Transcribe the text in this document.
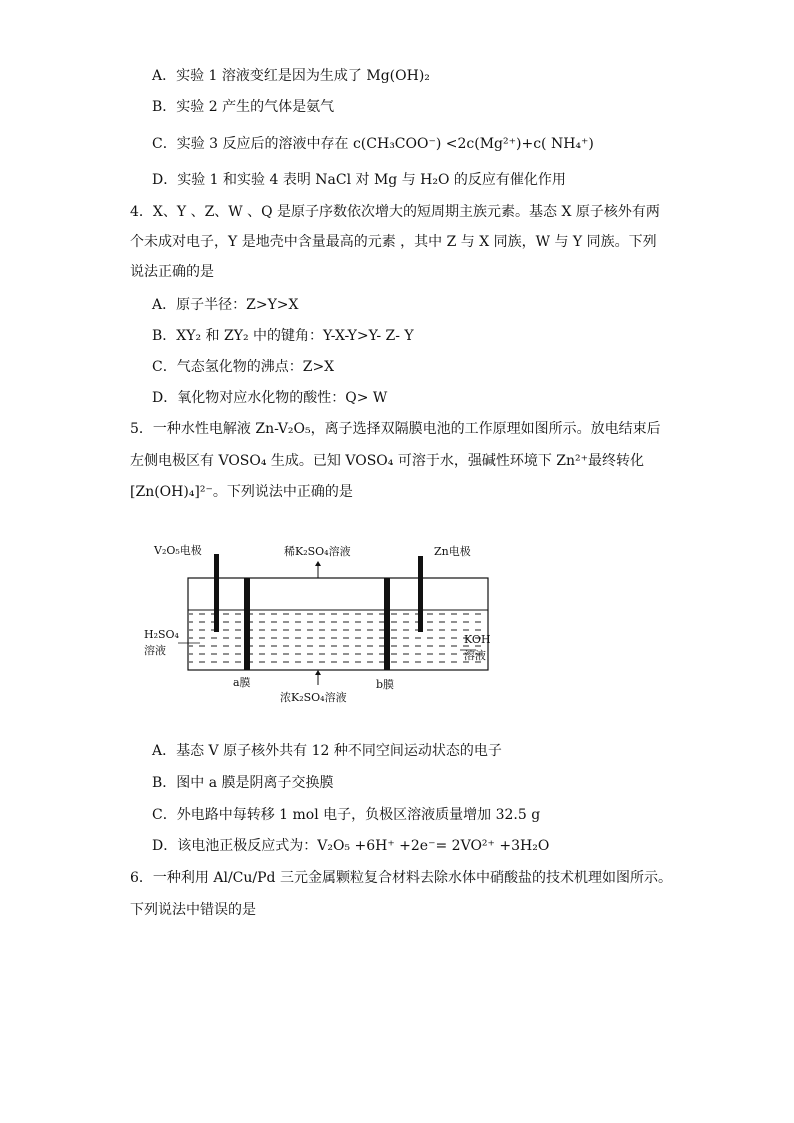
A．实验 1 溶液变红是因为生成了 Mg(OH)₂
B．实验 2 产生的气体是氨气
C．实验 3 反应后的溶液中存在 c(CH₃COO⁻) <2c(Mg²⁺)+c( NH₄⁺)
D．实验 1 和实验 4 表明 NaCl 对 Mg 与 H₂O 的反应有催化作用
4．X、Y 、Z、W 、Q 是原子序数依次增大的短周期主族元素。基态 X 原子核外有两
个未成对电子，Y 是地壳中含量最高的元素 ，其中 Z 与 X 同族，W 与 Y 同族。下列
说法正确的是
A．原子半径：Z>Y>X
B．XY₂ 和 ZY₂ 中的键角：Y-X-Y>Y- Z- Y
C．气态氢化物的沸点：Z>X
D．氧化物对应水化物的酸性：Q> W
5．一种水性电解液 Zn-V₂O₅，离子选择双隔膜电池的工作原理如图所示。放电结束后
左侧电极区有 VOSO₄ 生成。已知 VOSO₄ 可溶于水，强碱性环境下 Zn²⁺最终转化
[Zn(OH)₄]²⁻。下列说法中正确的是
V₂O₅电极	稀K₂SO₄溶液	Zn电极
H₂SO₄
溶液
KOH
溶液
a膜	b膜
浓K₂SO₄溶液
A．基态 V 原子核外共有 12 种不同空间运动状态的电子
B．图中 a 膜是阴离子交换膜
C．外电路中每转移 1 mol 电子，负极区溶液质量增加 32.5 g
D．该电池正极反应式为：V₂O₅ +6H⁺ +2e⁻= 2VO²⁺ +3H₂O
6．一种利用 Al/Cu/Pd 三元金属颗粒复合材料去除水体中硝酸盐的技术机理如图所示。
下列说法中错误的是
